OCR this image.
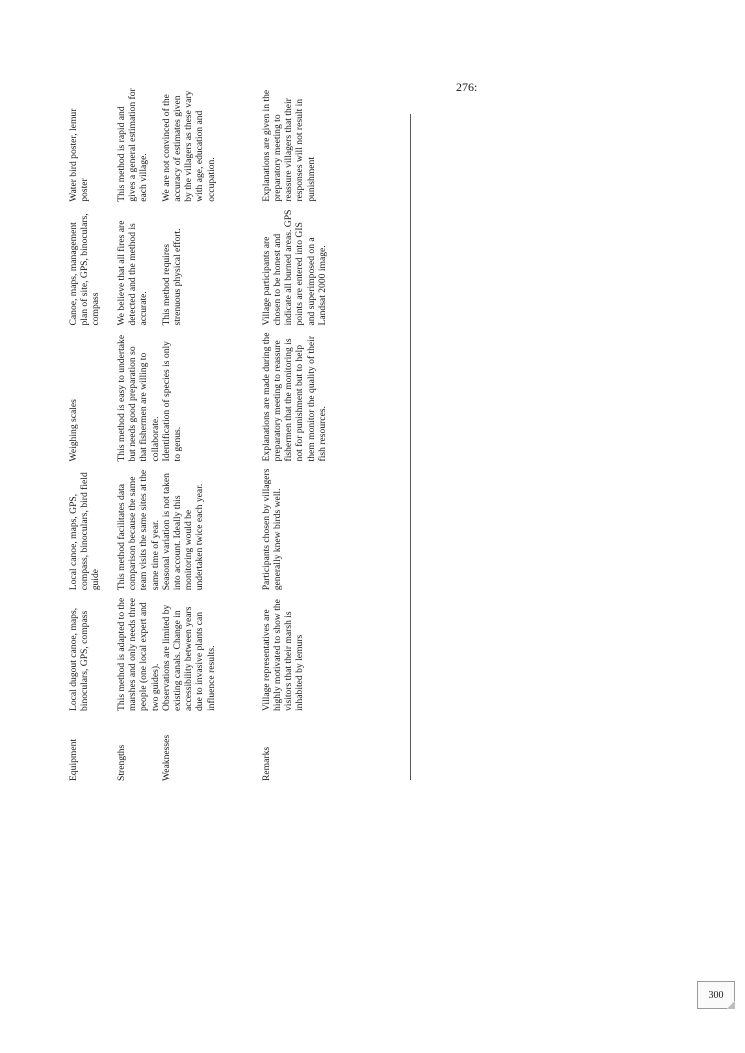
276:
Equipment	Local dugout canoe, maps, binoculars, GPS, compass	Local canoe, maps, GPS, compass, binoculars, bird field guide	Weighing scales	Canoe, maps, management plan of site, GPS, binoculars, compass	Water bird poster, lemur poster
Strengths	This method is adapted to the marshes and only needs three people (one local expert and two guides).	This method facilitates data comparison because the same team visits the same sites at the same time of year.	This method is easy to undertake but needs good preparation so that fishermen are willing to collaborate.	We believe that all fires are detected and the method is accurate.	This method is rapid and gives a general estimation for each village.
Weaknesses	Observations are limited by existing canals. Change in accessibility between years due to invasive plants can influence results.	Seasonal variation is not taken into account. Ideally this monitoring would be undertaken twice each year.	Identification of species is only to genus.	This method requires strenuous physical effort.	We are not convinced of the accuracy of estimates given by the villagers as these vary with age, education and occupation.
Remarks	Village representatives are highly motivated to show the visitors that their marsh is inhabited by lemurs	Participants chosen by villagers generally knew birds well.	Explanations are made during the preparatory meeting to reassure fishermen that the monitoring is not for punishment but to help them monitor the quality of their fish resources.	Village participants are chosen to be honest and indicate all burned areas. GPS points are entered into GIS and superimposed on a Landsat 2000 image.	Explanations are given in the preparatory meeting to reassure villagers that their responses will not result in punishment
300
